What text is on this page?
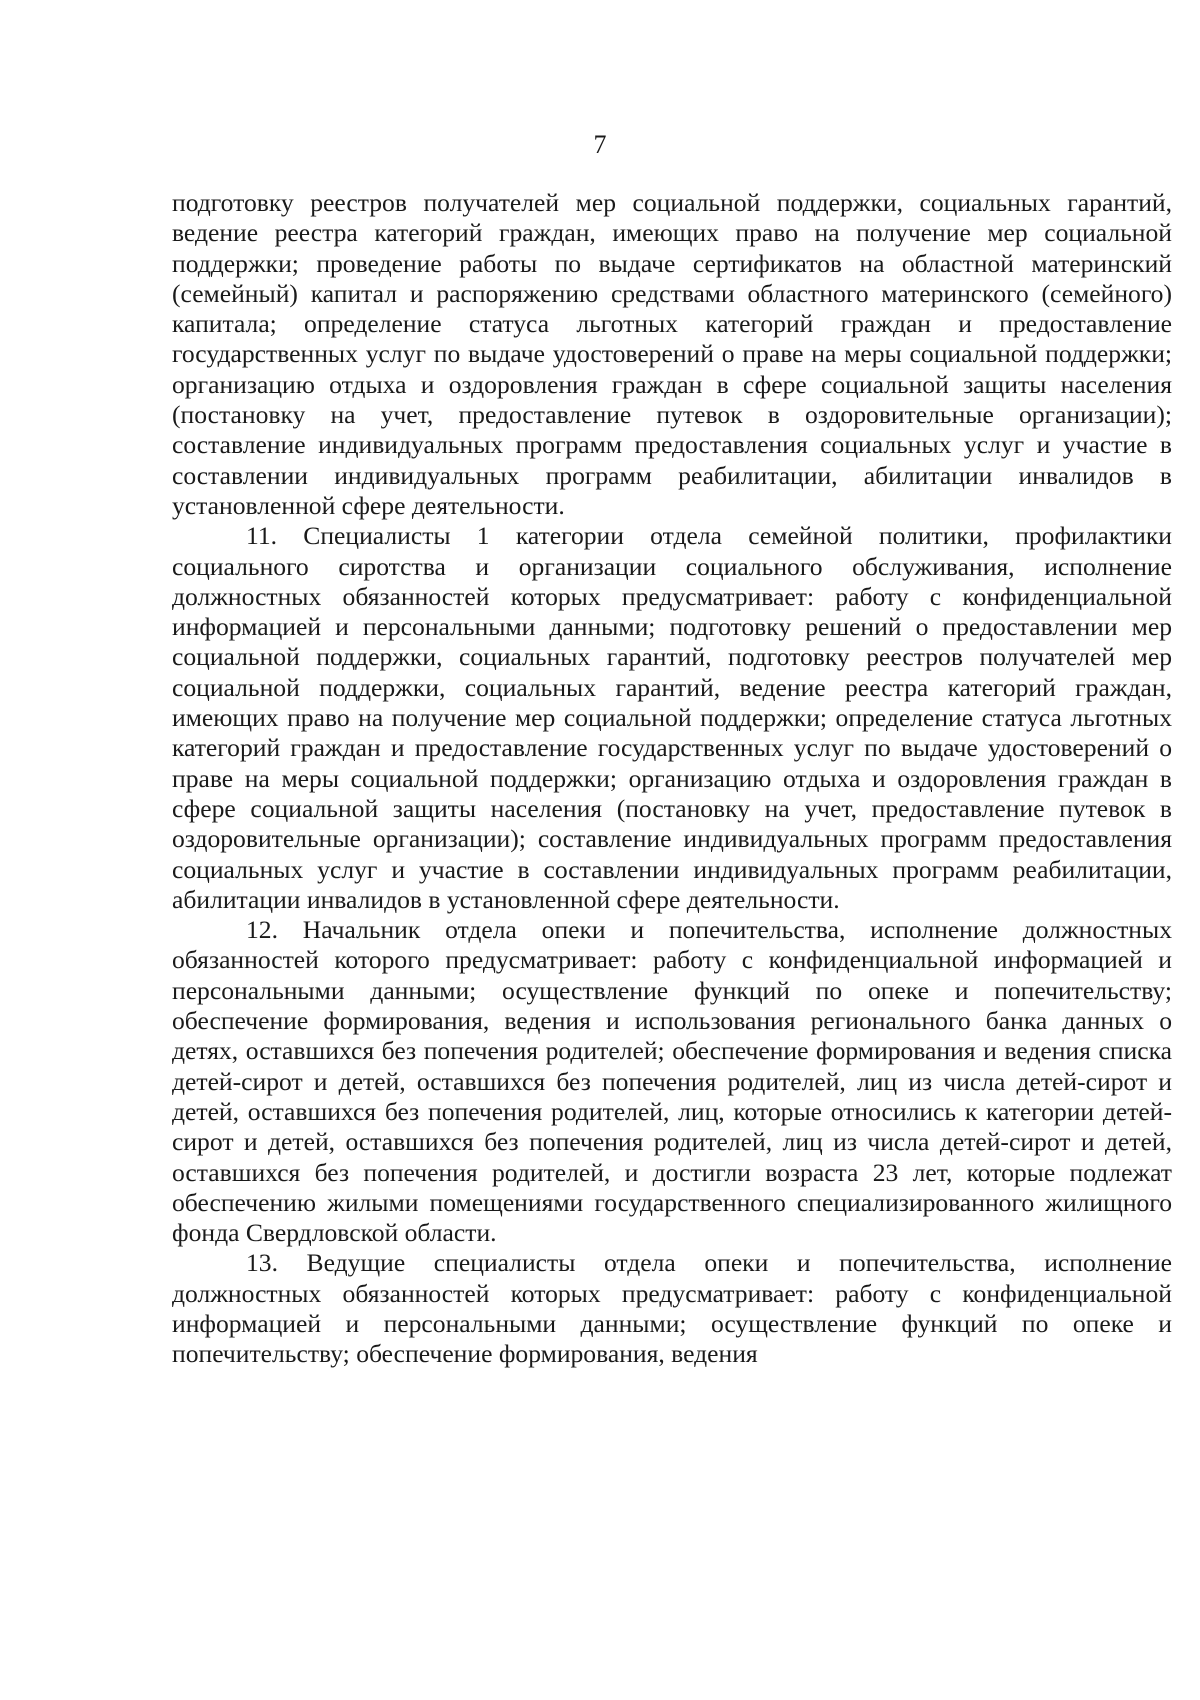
7

подготовку реестров получателей мер социальной поддержки, социальных гарантий, ведение реестра категорий граждан, имеющих право на получение мер социальной поддержки; проведение работы по выдаче сертификатов на областной материнский (семейный) капитал и распоряжению средствами областного материнского (семейного) капитала; определение статуса льготных категорий граждан и предоставление государственных услуг по выдаче удостоверений о праве на меры социальной поддержки; организацию отдыха и оздоровления граждан в сфере социальной защиты населения (постановку на учет, предоставление путевок в оздоровительные организации); составление индивидуальных программ предоставления социальных услуг и участие в составлении индивидуальных программ реабилитации, абилитации инвалидов в установленной сфере деятельности.

11. Специалисты 1 категории отдела семейной политики, профилактики социального сиротства и организации социального обслуживания, исполнение должностных обязанностей которых предусматривает: работу с конфиденциальной информацией и персональными данными; подготовку решений о предоставлении мер социальной поддержки, социальных гарантий, подготовку реестров получателей мер социальной поддержки, социальных гарантий, ведение реестра категорий граждан, имеющих право на получение мер социальной поддержки; определение статуса льготных категорий граждан и предоставление государственных услуг по выдаче удостоверений о праве на меры социальной поддержки; организацию отдыха и оздоровления граждан в сфере социальной защиты населения (постановку на учет, предоставление путевок в оздоровительные организации); составление индивидуальных программ предоставления социальных услуг и участие в составлении индивидуальных программ реабилитации, абилитации инвалидов в установленной сфере деятельности.

12. Начальник отдела опеки и попечительства, исполнение должностных обязанностей которого предусматривает: работу с конфиденциальной информацией и персональными данными; осуществление функций по опеке и попечительству; обеспечение формирования, ведения и использования регионального банка данных о детях, оставшихся без попечения родителей; обеспечение формирования и ведения списка детей-сирот и детей, оставшихся без попечения родителей, лиц из числа детей-сирот и детей, оставшихся без попечения родителей, лиц, которые относились к категории детей-сирот и детей, оставшихся без попечения родителей, лиц из числа детей-сирот и детей, оставшихся без попечения родителей, и достигли возраста 23 лет, которые подлежат обеспечению жилыми помещениями государственного специализированного жилищного фонда Свердловской области.

13. Ведущие специалисты отдела опеки и попечительства, исполнение должностных обязанностей которых предусматривает: работу с конфиденциальной информацией и персональными данными; осуществление функций по опеке и попечительству; обеспечение формирования, ведения
